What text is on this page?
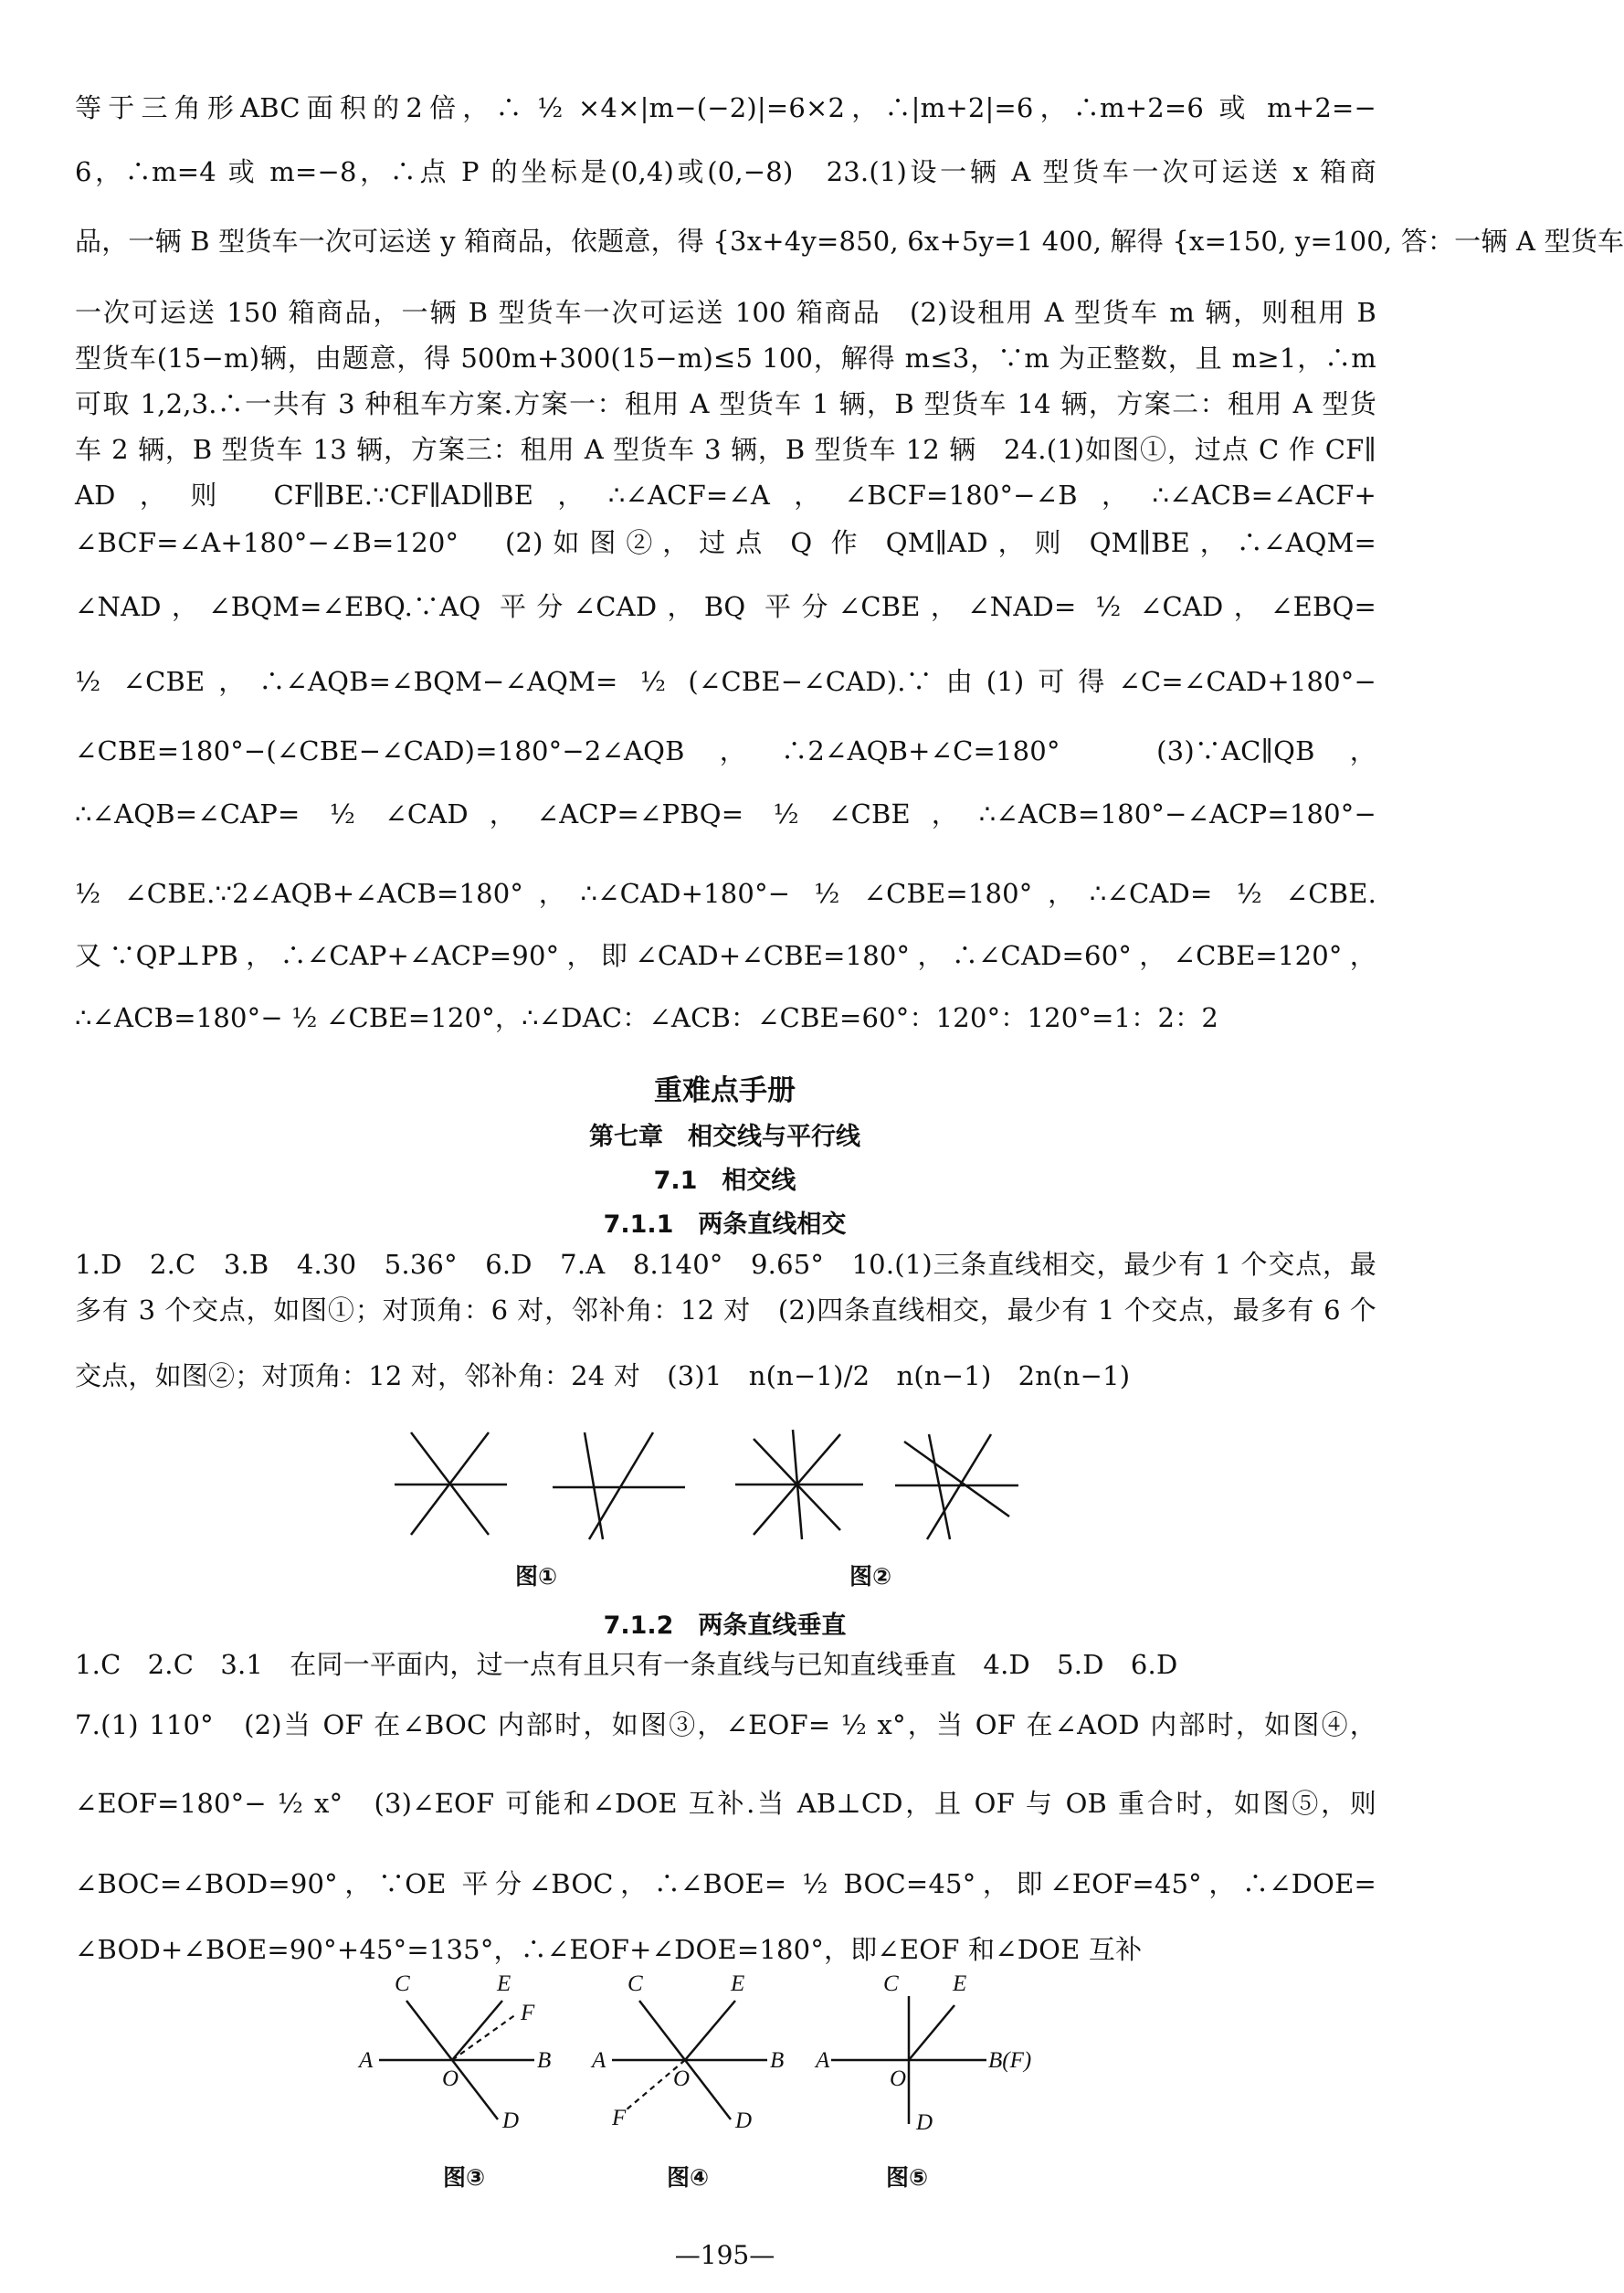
等于三角形ABC面积的2倍，∴ ½ ×4×|m−(−2)|=6×2，∴|m+2|=6，∴m+2=6 或 m+2=−
6，∴m=4 或 m=−8，∴点 P 的坐标是(0,4)或(0,−8)　23.(1)设一辆 A 型货车一次可运送 x 箱商
品，一辆 B 型货车一次可运送 y 箱商品，依题意，得 {3x+4y=850, 6x+5y=1 400, 解得 {x=150, y=100, 答：一辆 A 型货车
一次可运送 150 箱商品，一辆 B 型货车一次可运送 100 箱商品　(2)设租用 A 型货车 m 辆，则租用 B
型货车(15−m)辆，由题意，得 500m+300(15−m)≤5 100，解得 m≤3，∵m 为正整数，且 m≥1，∴m
可取 1,2,3.∴一共有 3 种租车方案.方案一：租用 A 型货车 1 辆，B 型货车 14 辆，方案二：租用 A 型货
车 2 辆，B 型货车 13 辆，方案三：租用 A 型货车 3 辆，B 型货车 12 辆　24.(1)如图①，过点 C 作 CF∥
AD，则 CF∥BE.∵CF∥AD∥BE，∴∠ACF=∠A，∠BCF=180°−∠B，∴∠ACB=∠ACF+
∠BCF=∠A+180°−∠B=120°　(2)如图②，过点 Q 作 QM∥AD，则 QM∥BE，∴∠AQM=
∠NAD，∠BQM=∠EBQ.∵AQ 平分∠CAD，BQ 平分∠CBE，∠NAD= ½ ∠CAD，∠EBQ=
½ ∠CBE，∴∠AQB=∠BQM−∠AQM= ½ (∠CBE−∠CAD).∵由(1)可得∠C=∠CAD+180°−
∠CBE=180°−(∠CBE−∠CAD)=180°−2∠AQB，∴2∠AQB+∠C=180°　(3)∵AC∥QB，
∴∠AQB=∠CAP= ½ ∠CAD，∠ACP=∠PBQ= ½ ∠CBE，∴∠ACB=180°−∠ACP=180°−
½ ∠CBE.∵2∠AQB+∠ACB=180°，∴∠CAD+180°− ½ ∠CBE=180°，∴∠CAD= ½ ∠CBE.
又∵QP⊥PB，∴∠CAP+∠ACP=90°，即∠CAD+∠CBE=180°，∴∠CAD=60°，∠CBE=120°，
∴∠ACB=180°− ½ ∠CBE=120°，∴∠DAC：∠ACB：∠CBE=60°：120°：120°=1：2：2
重难点手册
第七章　相交线与平行线
7.1　相交线
7.1.1　两条直线相交
1.D　2.C　3.B　4.30　5.36°　6.D　7.A　8.140°　9.65°　10.(1)三条直线相交，最少有 1 个交点，最
多有 3 个交点，如图①；对顶角：6 对，邻补角：12 对　(2)四条直线相交，最少有 1 个交点，最多有 6 个
交点，如图②；对顶角：12 对，邻补角：24 对　(3)1　n(n−1)/2　n(n−1)　2n(n−1)
图①	图②
7.1.2　两条直线垂直
1.C　2.C　3.1　在同一平面内，过一点有且只有一条直线与已知直线垂直　4.D　5.D　6.D
7.(1) 110°　(2)当 OF 在∠BOC 内部时，如图③，∠EOF= ½ x°，当 OF 在∠AOD 内部时，如图④，
∠EOF=180°− ½ x°　(3)∠EOF 可能和∠DOE 互补.当 AB⊥CD，且 OF 与 OB 重合时，如图⑤，则
∠BOC=∠BOD=90°，∵OE 平分∠BOC，∴∠BOE= ½ BOC=45°，即∠EOF=45°，∴∠DOE=
∠BOD+∠BOE=90°+45°=135°，∴∠EOF+∠DOE=180°，即∠EOF 和∠DOE 互补
C	E
F
A	B
O
D
图③
C	E
A	B
O
F	D
图④
C E
A	B(F)
O
D
图⑤
—195—
